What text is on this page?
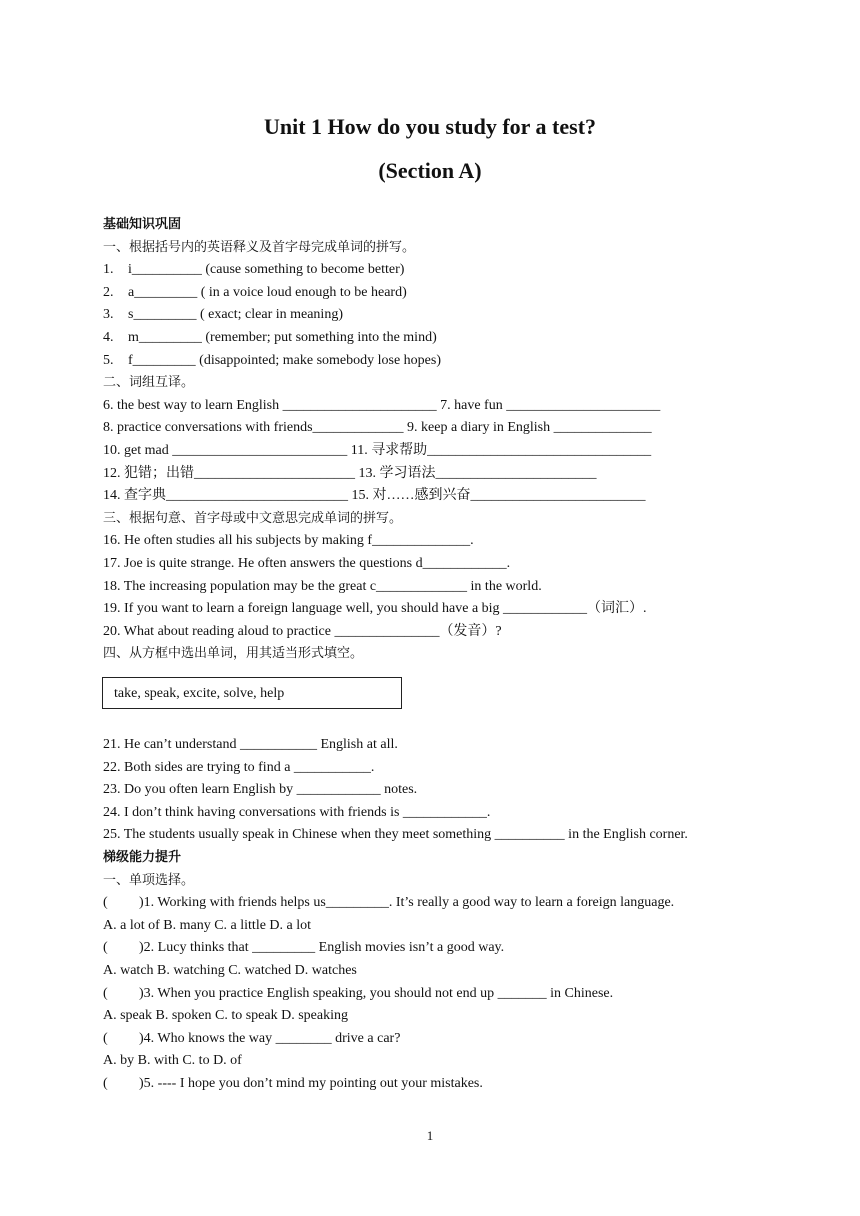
Unit 1 How do you study for a test?
(Section A)
基础知识巩固
一、根据括号内的英语释义及首字母完成单词的拼写。
1. i__________ (cause something to become better)
2. a_________ ( in a voice loud enough to be heard)
3. s_________ ( exact; clear in meaning)
4. m_________ (remember; put something into the mind)
5. f_________ (disappointed; make somebody lose hopes)
二、词组互译。
6. the best way to learn English ______________________ 7. have fun ______________________
8. practice conversations with friends_____________ 9. keep a diary in English ______________
10. get mad _________________________ 11. 寻求帮助________________________________
12. 犯错；出错_______________________ 13. 学习语法_______________________
14. 查字典__________________________ 15. 对……感到兴奋_________________________
三、根据句意、首字母或中文意思完成单词的拼写。
16. He often studies all his subjects by making f______________.
17. Joe is quite strange. He often answers the questions d____________.
18. The increasing population may be the great c_____________ in the world.
19. If you want to learn a foreign language well, you should have a big ____________（词汇）.
20. What about reading aloud to practice _______________（发音）?
四、从方框中选出单词，用其适当形式填空。
take, speak, excite, solve, help
21. He can’t understand ___________ English at all.
22. Both sides are trying to find a ___________.
23. Do you often learn English by ____________ notes.
24. I don’t think having conversations with friends is ____________.
25. The students usually speak in Chinese when they meet something __________ in the English corner.
梯级能力提升
一、单项选择。
( )1. Working with friends helps us_________. It’s really a good way to learn a foreign language.
A. a lot of B. many C. a little D. a lot
( )2. Lucy thinks that _________ English movies isn’t a good way.
A. watch B. watching C. watched D. watches
( )3. When you practice English speaking, you should not end up _______ in Chinese.
A. speak B. spoken C. to speak D. speaking
( )4. Who knows the way ________ drive a car?
A. by B. with C. to D. of
( )5. ---- I hope you don’t mind my pointing out your mistakes.
1
